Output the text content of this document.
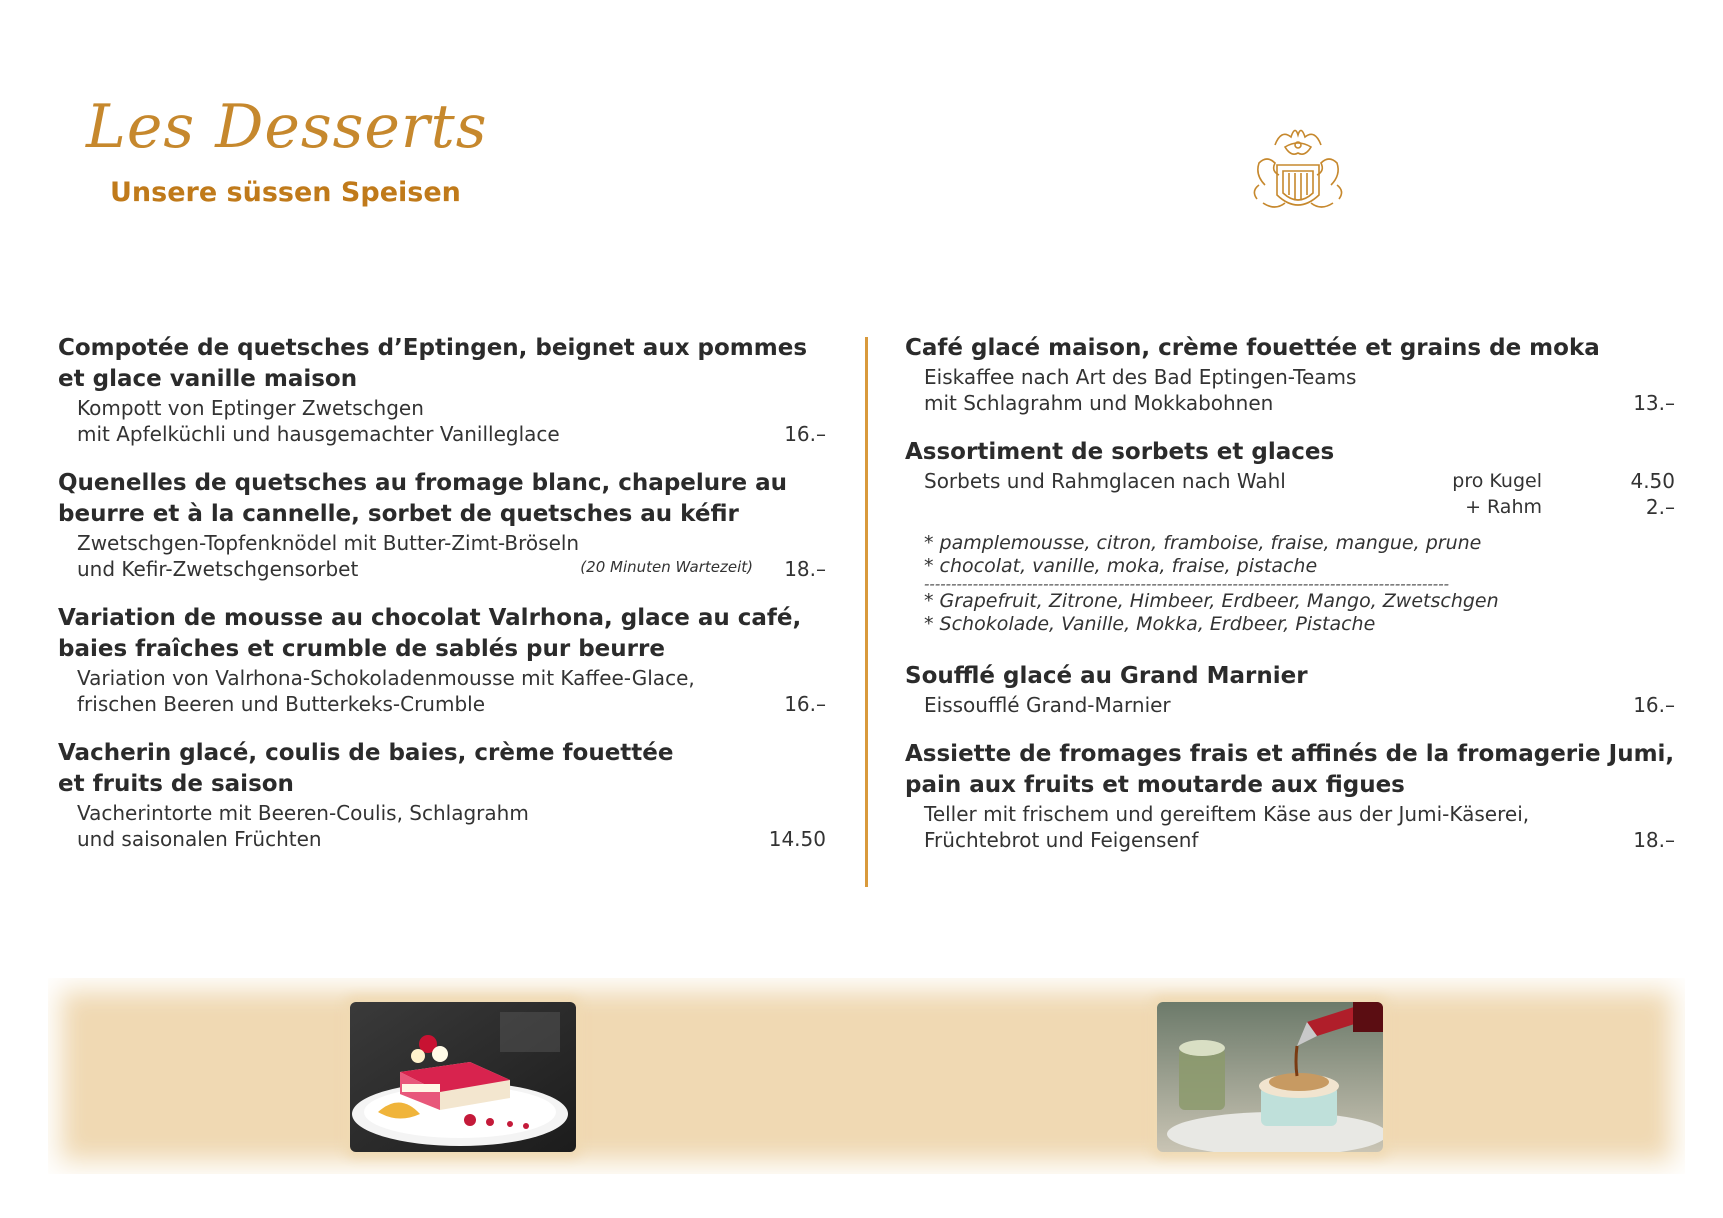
Les Desserts
Unsere süssen Speisen
Compotée de quetsches d’Eptingen, beignet aux pommes
et glace vanille maison
Kompott von Eptinger Zwetschgen
mit Apfelküchli und hausgemachter Vanilleglace	16.–
Quenelles de quetsches au fromage blanc, chapelure au
beurre et à la cannelle, sorbet de quetsches au kéfir
Zwetschgen-Topfenknödel mit Butter-Zimt-Bröseln
und Kefir-Zwetschgensorbet	(20 Minuten Wartezeit) 18.–
Variation de mousse au chocolat Valrhona, glace au café,
baies fraîches et crumble de sablés pur beurre
Variation von Valrhona-Schokoladenmousse mit Kaffee-Glace,
frischen Beeren und Butterkeks-Crumble	16.–
Vacherin glacé, coulis de baies, crème fouettée
et fruits de saison
Vacherintorte mit Beeren-Coulis, Schlagrahm
und saisonalen Früchten	14.50
Café glacé maison, crème fouettée et grains de moka
Eiskaffee nach Art des Bad Eptingen-Teams
mit Schlagrahm und Mokkabohnen	13.–
Assortiment de sorbets et glaces
Sorbets und Rahmglacen nach Wahl	pro Kugel	4.50
+ Rahm	2.–
* pamplemousse, citron, framboise, fraise, mangue, prune
* chocolat, vanille, moka, fraise, pistache
-------------------------------------------------------------------------------------------------
* Grapefruit, Zitrone, Himbeer, Erdbeer, Mango, Zwetschgen
* Schokolade, Vanille, Mokka, Erdbeer, Pistache
Soufflé glacé au Grand Marnier
Eissoufflé Grand-Marnier	16.–
Assiette de fromages frais et affinés de la fromagerie Jumi,
pain aux fruits et moutarde aux figues
Teller mit frischem und gereiftem Käse aus der Jumi-Käserei,
Früchtebrot und Feigensenf	18.–
